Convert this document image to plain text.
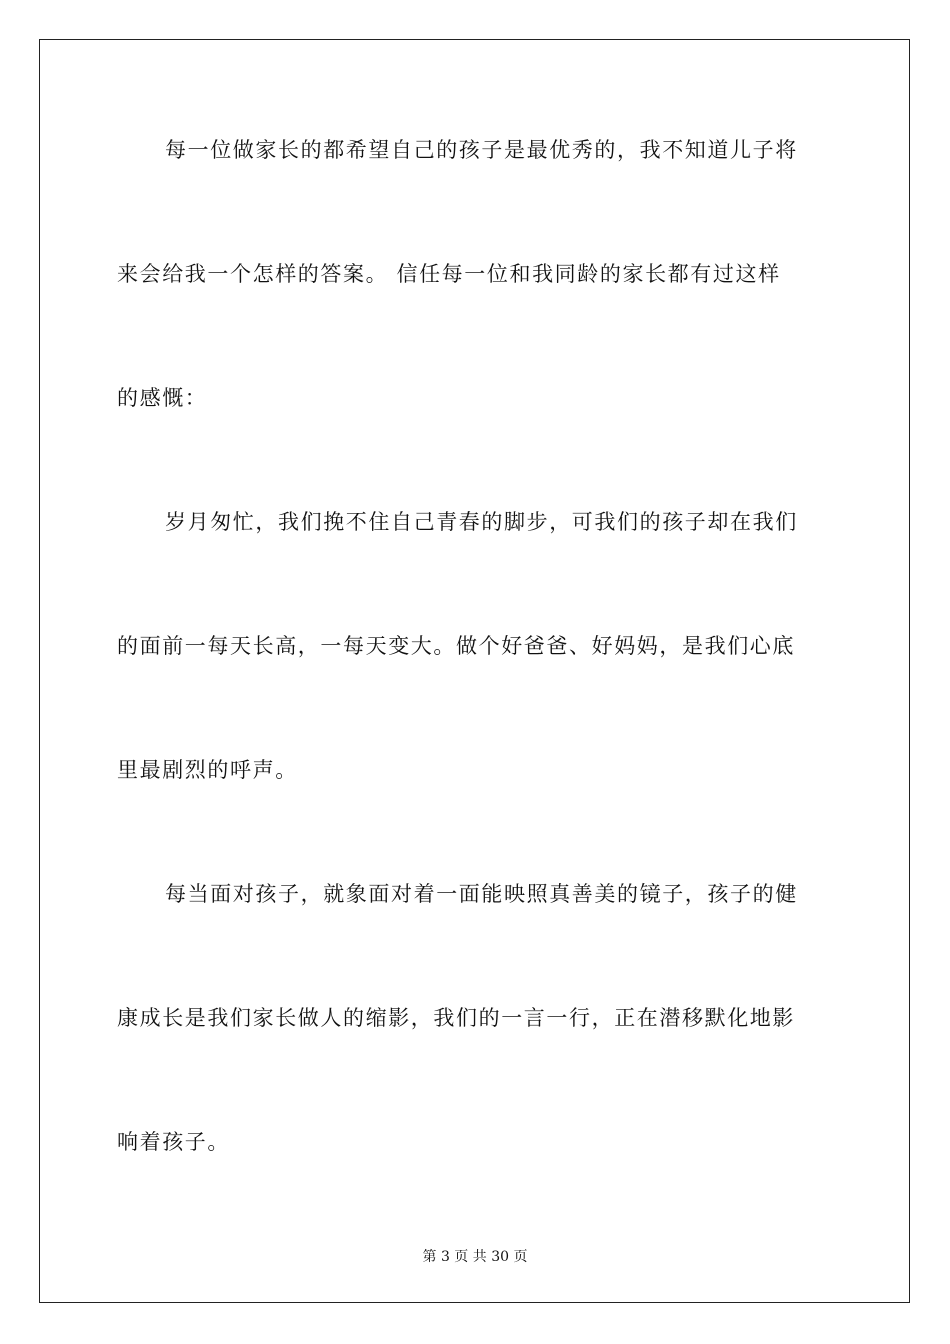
每一位做家长的都希望自己的孩子是最优秀的，我不知道儿子将
来会给我一个怎样的答案。 信任每一位和我同龄的家长都有过这样
的感慨：
岁月匆忙，我们挽不住自己青春的脚步，可我们的孩子却在我们
的面前一每天长高，一每天变大。做个好爸爸、好妈妈，是我们心底
里最剧烈的呼声。
每当面对孩子，就象面对着一面能映照真善美的镜子，孩子的健
康成长是我们家长做人的缩影，我们的一言一行，正在潜移默化地影
响着孩子。
第 3 页 共 30 页
